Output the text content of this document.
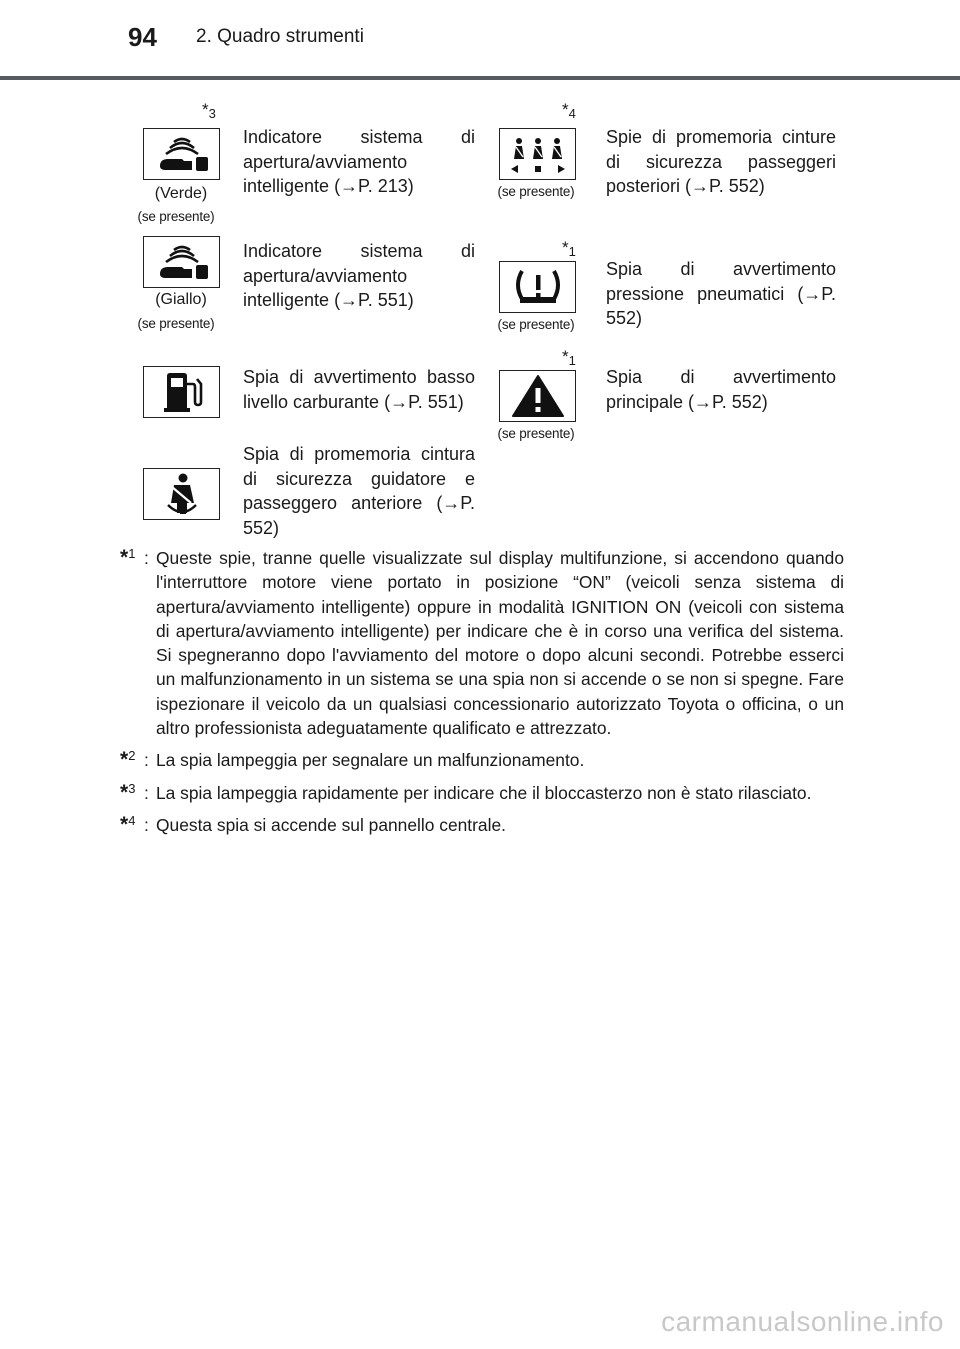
94 2. Quadro strumenti
$*_3$
(Verde)
(se presente)
Indicatore sistema di apertura/avviamento intelligente (→P. 213)
$*_4$
(se presente)
Spie di promemoria cinture di sicurezza passeggeri posteriori (→P. 552)
(Giallo)
(se presente)
Indicatore sistema di apertura/avviamento intelligente (→P. 551)
$*_1$
(se presente)
Spia di avvertimento pressione pneumatici (→P. 552)
Spia di avvertimento basso livello carburante (→P. 551)
$*_1$
(se presente)
Spia di avvertimento principale (→P. 552)
Spia di promemoria cintura di sicurezza guidatore e passeggero anteriore (→P. 552)
$*_1$ : Queste spie, tranne quelle visualizzate sul display multifunzione, si accendono quando l'interruttore motore viene portato in posizione “ON” (veicoli senza sistema di apertura/avviamento intelligente) oppure in modalità IGNITION ON (veicoli con sistema di apertura/avviamento intelligente) per indicare che è in corso una verifica del sistema. Si spegneranno dopo l'avviamento del motore o dopo alcuni secondi. Potrebbe esserci un malfunzionamento in un sistema se una spia non si accende o se non si spegne. Fare ispezionare il veicolo da un qualsiasi concessionario autorizzato Toyota o officina, o un altro professionista adeguatamente qualificato e attrezzato.
$*_2$ : La spia lampeggia per segnalare un malfunzionamento.
$*_3$ : La spia lampeggia rapidamente per indicare che il bloccasterzo non è stato rilasciato.
$*_4$ : Questa spia si accende sul pannello centrale.
carmanualsonline.info
